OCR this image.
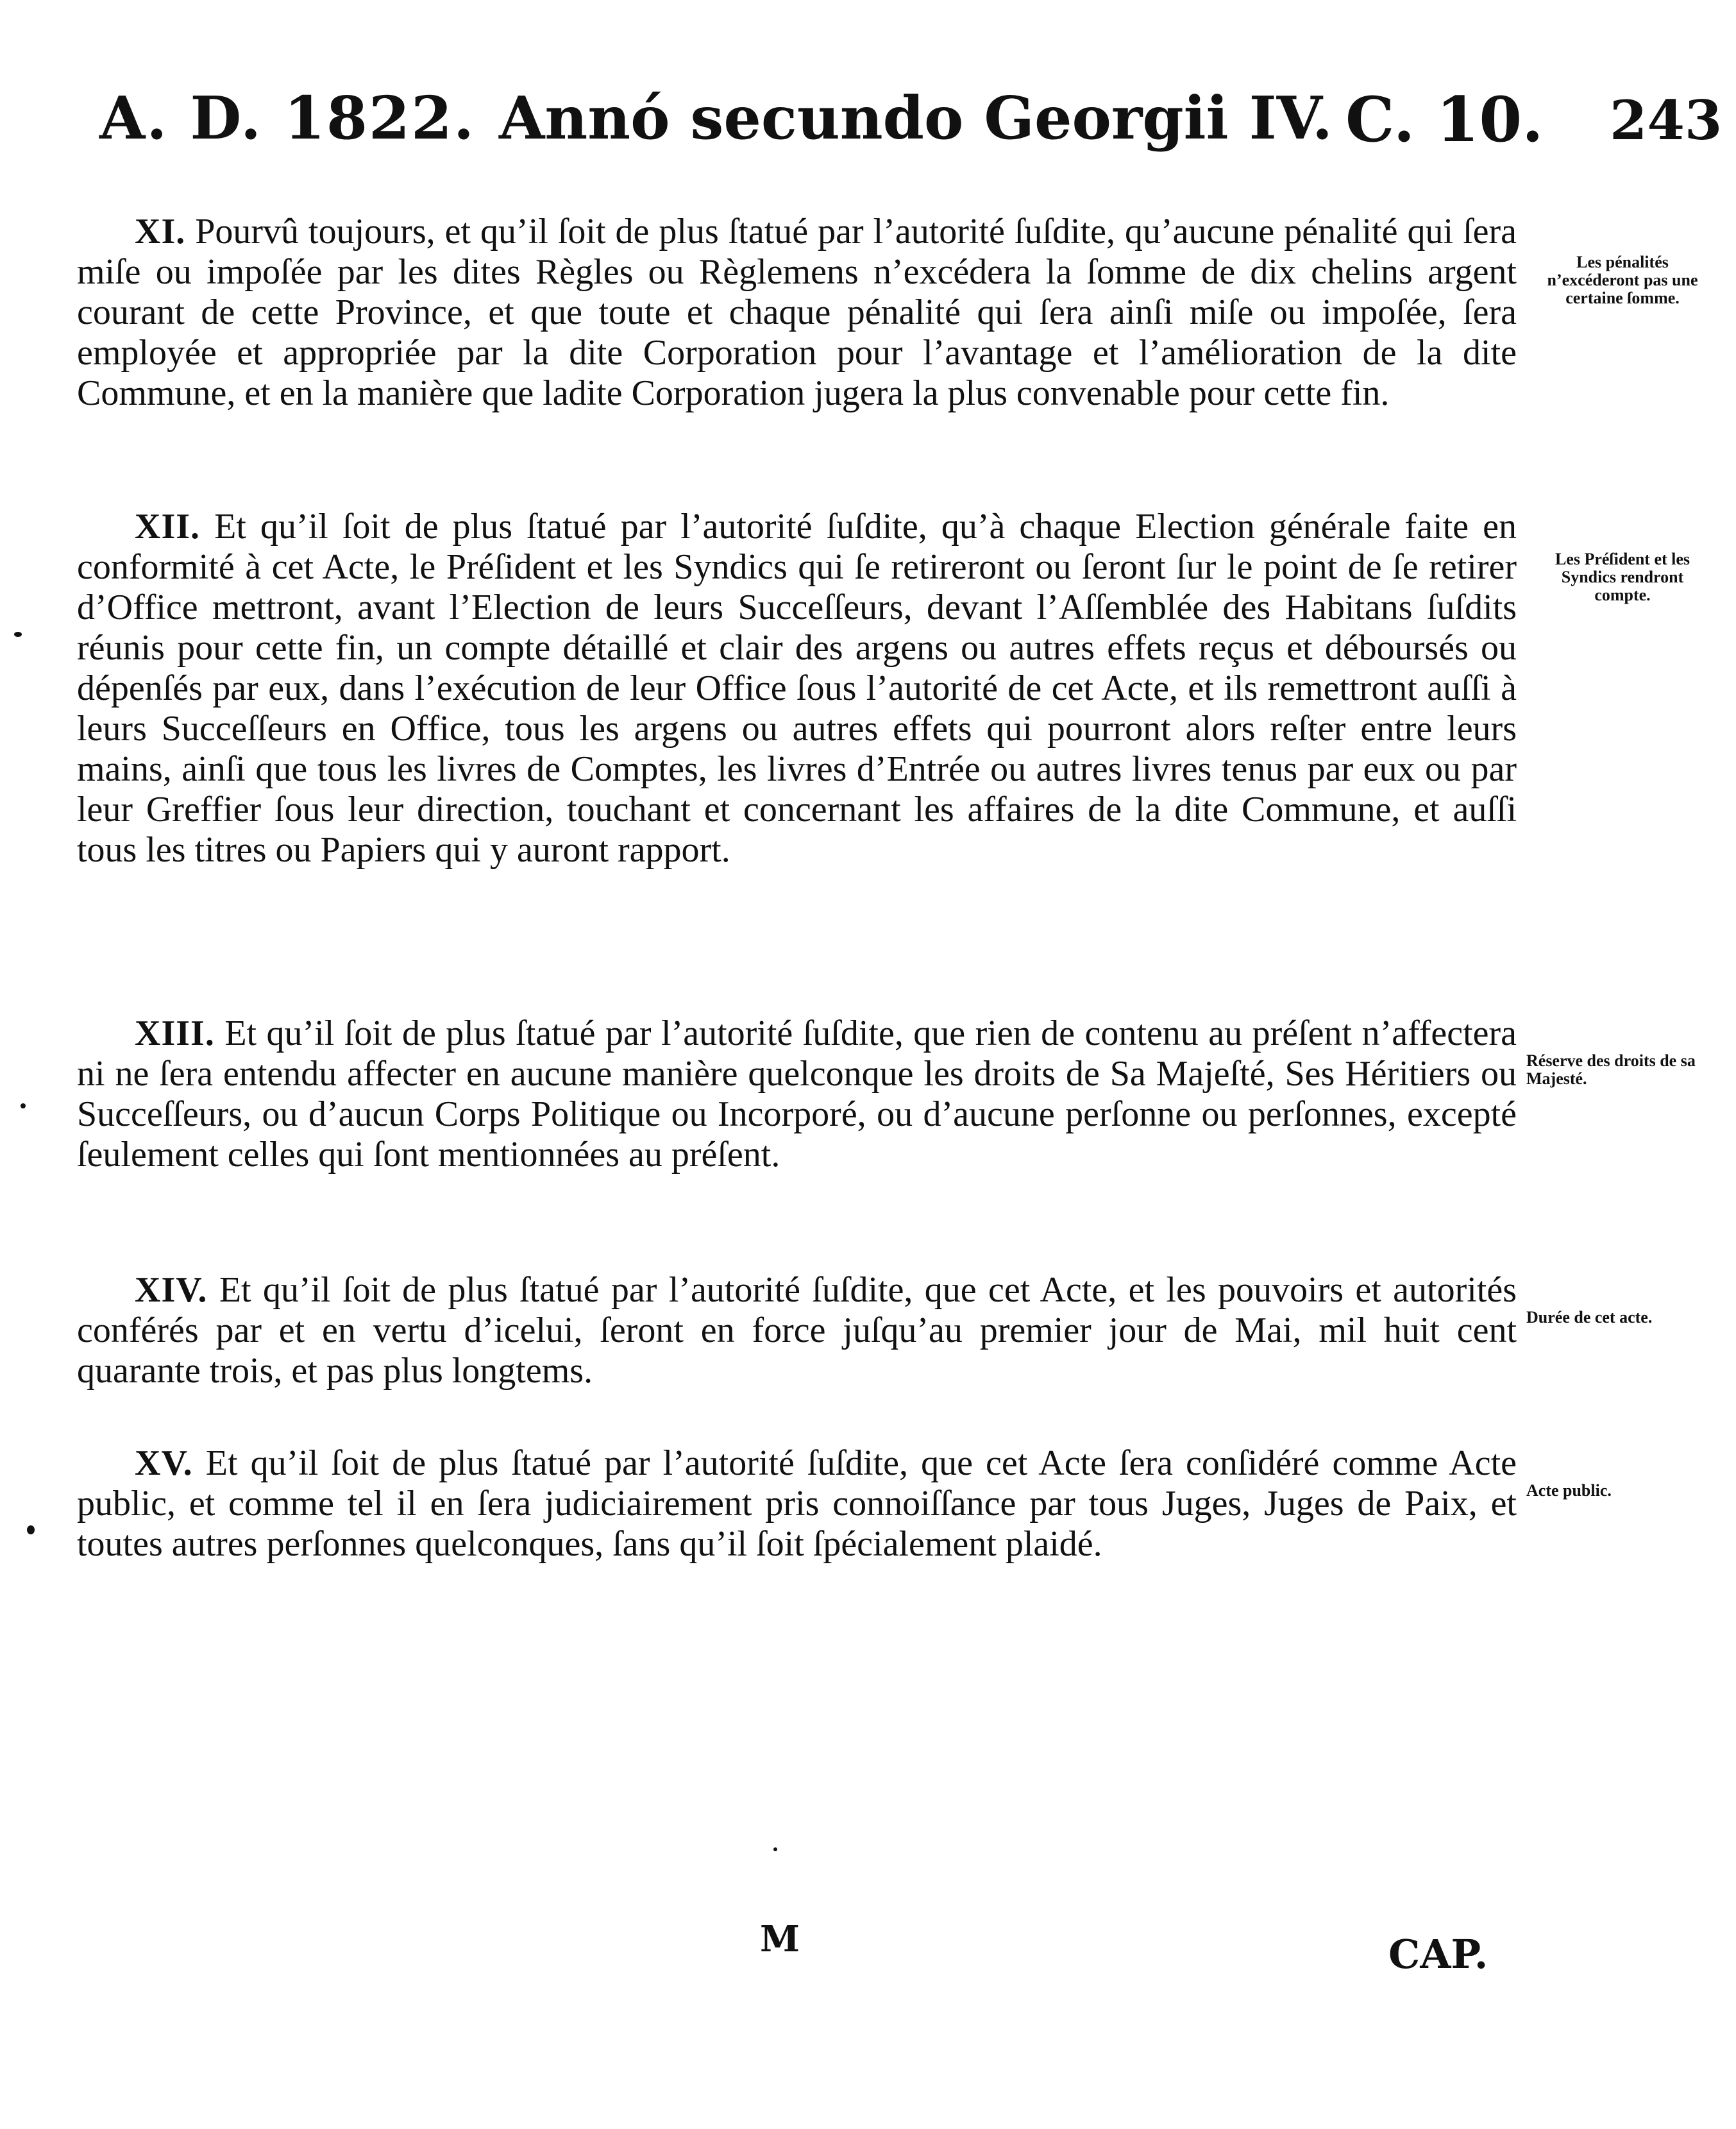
A. D. 1822. Annó secundo Georgii IV. C. 10. 243
XI. Pourvû toujours, et qu’il ſoit de plus ſtatué par l’autorité ſuſdite, qu’aucune pénalité qui ſera miſe ou impoſée par les dites Règles ou Règlemens n’excédera la ſomme de dix chelins argent courant de cette Province, et que toute et chaque pénalité qui ſera ainſi miſe ou impoſée, ſera employée et appropriée par la dite Corporation pour l’avantage et l’amélioration de la dite Commune, et en la manière que ladite Corporation jugera la plus convenable pour cette fin.
Les pénalités n’excéderont pas une certaine ſomme.
XII. Et qu’il ſoit de plus ſtatué par l’autorité ſuſdite, qu’à chaque Election générale faite en conformité à cet Acte, le Préſident et les Syndics qui ſe retireront ou ſeront ſur le point de ſe retirer d’Office mettront, avant l’Election de leurs Succeſſeurs, devant l’Aſſemblée des Habitans ſuſdits réunis pour cette fin, un compte détaillé et clair des argens ou autres effets reçus et déboursés ou dépenſés par eux, dans l’exécution de leur Office ſous l’autorité de cet Acte, et ils remettront auſſi à leurs Succeſſeurs en Office, tous les argens ou autres effets qui pourront alors reſter entre leurs mains, ainſi que tous les livres de Comptes, les livres d’Entrée ou autres livres tenus par eux ou par leur Greffier ſous leur direction, touchant et concernant les affaires de la dite Commune, et auſſi tous les titres ou Papiers qui y auront rapport.
Les Préſident et les Syndics rendront compte.
XIII. Et qu’il ſoit de plus ſtatué par l’autorité ſuſdite, que rien de contenu au préſent n’affectera ni ne ſera entendu affecter en aucune manière quelconque les droits de Sa Majeſté, Ses Héritiers ou Succeſſeurs, ou d’aucun Corps Politique ou Incorporé, ou d’aucune perſonne ou perſonnes, excepté ſeulement celles qui ſont mentionnées au préſent.
Réserve des droits de sa Majesté.
XIV. Et qu’il ſoit de plus ſtatué par l’autorité ſuſdite, que cet Acte, et les pouvoirs et autorités conférés par et en vertu d’icelui, ſeront en force juſqu’au premier jour de Mai, mil huit cent quarante trois, et pas plus longtems.
Durée de cet acte.
XV. Et qu’il ſoit de plus ſtatué par l’autorité ſuſdite, que cet Acte ſera conſidéré comme Acte public, et comme tel il en ſera judiciairement pris connoiſſance par tous Juges, Juges de Paix, et toutes autres perſonnes quelconques, ſans qu’il ſoit ſpécialement plaidé.
Acte public.
M	CAP.
